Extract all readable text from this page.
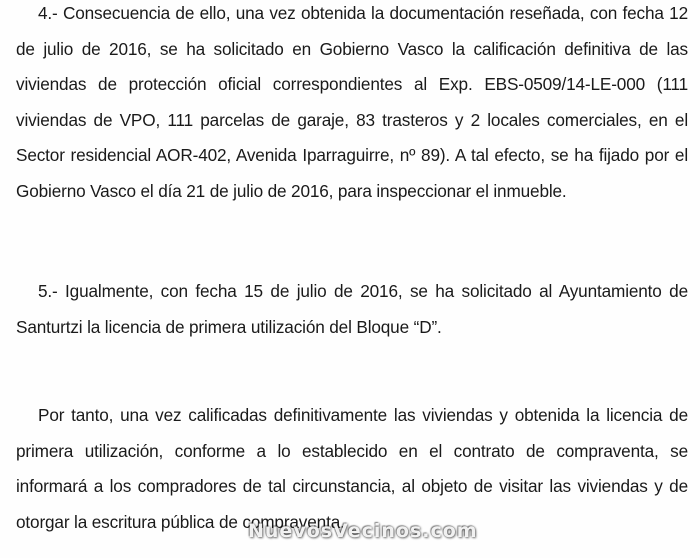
4.- Consecuencia de ello, una vez obtenida la documentación reseñada, con fecha 12 de julio de 2016, se ha solicitado en Gobierno Vasco la calificación definitiva de las viviendas de protección oficial correspondientes al Exp. EBS-0509/14-LE-000 (111 viviendas de VPO, 111 parcelas de garaje, 83 trasteros y 2 locales comerciales, en el Sector residencial AOR-402, Avenida Iparraguirre, nº 89). A tal efecto, se ha fijado por el Gobierno Vasco el día 21 de julio de 2016, para inspeccionar el inmueble.

5.- Igualmente, con fecha 15 de julio de 2016, se ha solicitado al Ayuntamiento de Santurtzi la licencia de primera utilización del Bloque “D”.

Por tanto, una vez calificadas definitivamente las viviendas y obtenida la licencia de primera utilización, conforme a lo establecido en el contrato de compraventa, se informará a los compradores de tal circunstancia, al objeto de visitar las viviendas y de otorgar la escritura pública de compraventa.

NuevosVecinos.com
